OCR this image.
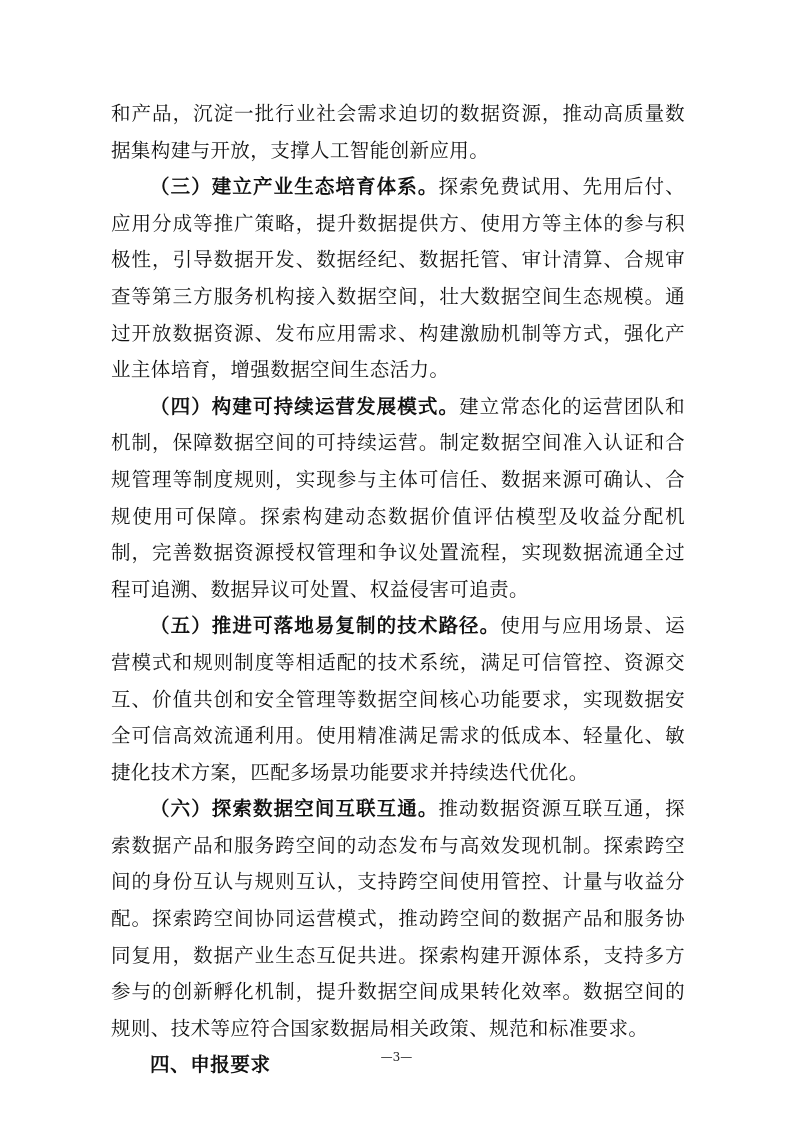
和产品，沉淀一批行业社会需求迫切的数据资源，推动高质量数据集构建与开放，支撑人工智能创新应用。

（三）建立产业生态培育体系。探索免费试用、先用后付、应用分成等推广策略，提升数据提供方、使用方等主体的参与积极性，引导数据开发、数据经纪、数据托管、审计清算、合规审查等第三方服务机构接入数据空间，壮大数据空间生态规模。通过开放数据资源、发布应用需求、构建激励机制等方式，强化产业主体培育，增强数据空间生态活力。

（四）构建可持续运营发展模式。建立常态化的运营团队和机制，保障数据空间的可持续运营。制定数据空间准入认证和合规管理等制度规则，实现参与主体可信任、数据来源可确认、合规使用可保障。探索构建动态数据价值评估模型及收益分配机制，完善数据资源授权管理和争议处置流程，实现数据流通全过程可追溯、数据异议可处置、权益侵害可追责。

（五）推进可落地易复制的技术路径。使用与应用场景、运营模式和规则制度等相适配的技术系统，满足可信管控、资源交互、价值共创和安全管理等数据空间核心功能要求，实现数据安全可信高效流通利用。使用精准满足需求的低成本、轻量化、敏捷化技术方案，匹配多场景功能要求并持续迭代优化。

（六）探索数据空间互联互通。推动数据资源互联互通，探索数据产品和服务跨空间的动态发布与高效发现机制。探索跨空间的身份互认与规则互认，支持跨空间使用管控、计量与收益分配。探索跨空间协同运营模式，推动跨空间的数据产品和服务协同复用，数据产业生态互促共进。探索构建开源体系，支持多方参与的创新孵化机制，提升数据空间成果转化效率。数据空间的规则、技术等应符合国家数据局相关政策、规范和标准要求。

四、申报要求	—3—
